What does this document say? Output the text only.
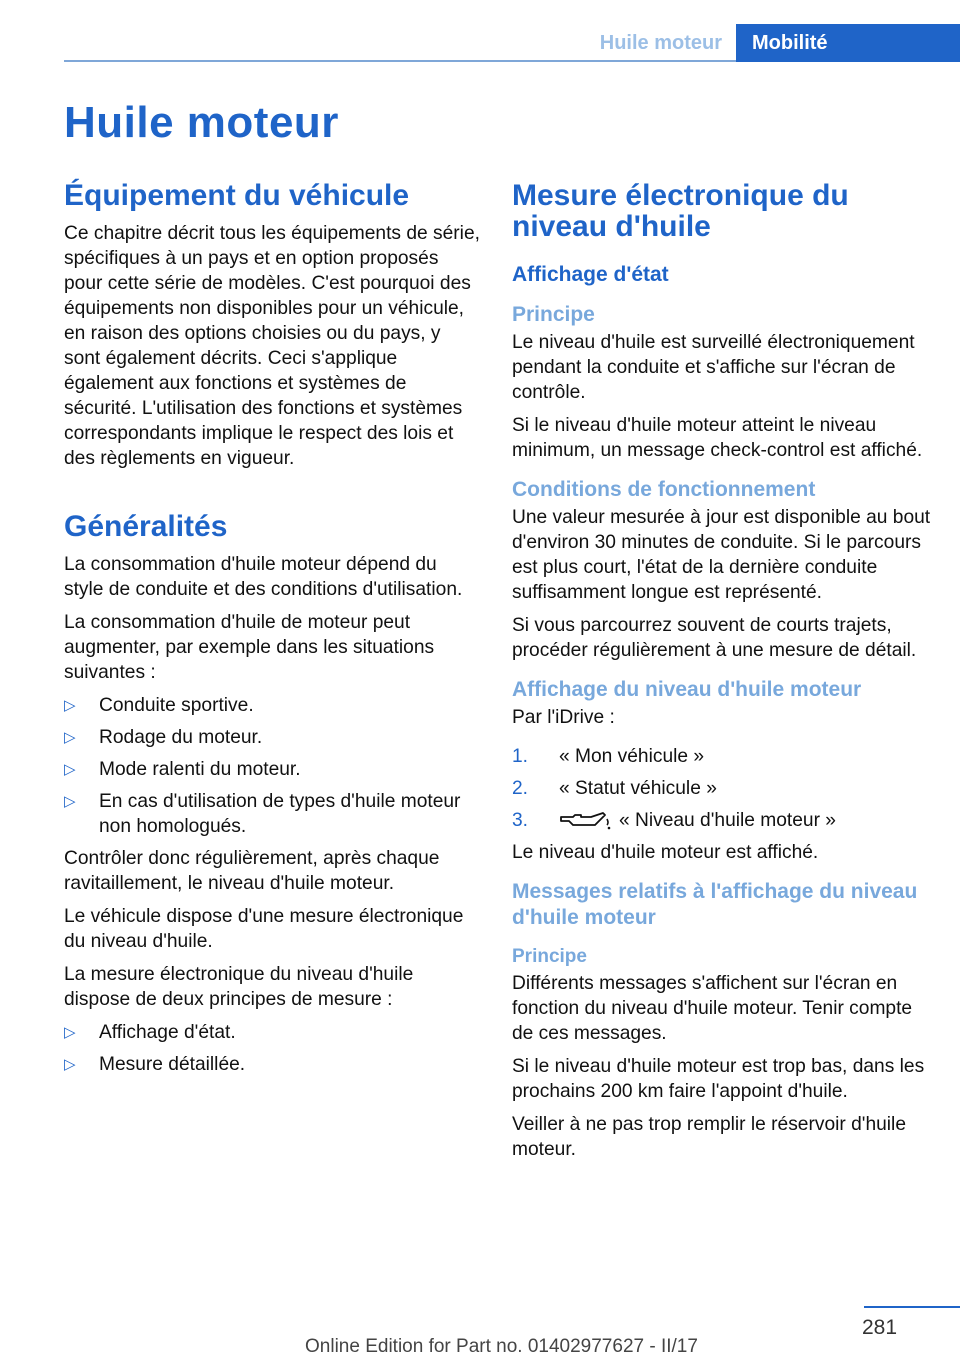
Huile moteur	Mobilité
Huile moteur
Équipement du véhicule

Ce chapitre décrit tous les équipements de série, spécifiques à un pays et en option proposés pour cette série de modèles. C'est pourquoi des équipements non disponibles pour un véhicule, en raison des options choisies ou du pays, y sont également décrits. Ceci s'applique également aux fonctions et systèmes de sécurité. L'utilisation des fonctions et systèmes correspondants implique le respect des lois et des règlements en vigueur.

Généralités

La consommation d'huile moteur dépend du style de conduite et des conditions d'utilisation.

La consommation d'huile de moteur peut augmenter, par exemple dans les situations suivantes :

▷ Conduite sportive.
▷ Rodage du moteur.
▷ Mode ralenti du moteur.
▷ En cas d'utilisation de types d'huile moteur non homologués.

Contrôler donc régulièrement, après chaque ravitaillement, le niveau d'huile moteur.

Le véhicule dispose d'une mesure électronique du niveau d'huile.

La mesure électronique du niveau d'huile dispose de deux principes de mesure :

▷ Affichage d'état.
▷ Mesure détaillée.
Mesure électronique du niveau d'huile
Affichage d'état
Principe

Le niveau d'huile est surveillé électroniquement pendant la conduite et s'affiche sur l'écran de contrôle.

Si le niveau d'huile moteur atteint le niveau minimum, un message check-control est affiché.

Conditions de fonctionnement

Une valeur mesurée à jour est disponible au bout d'environ 30 minutes de conduite. Si le parcours est plus court, l'état de la dernière conduite suffisamment longue est représenté.

Si vous parcourrez souvent de courts trajets, procéder régulièrement à une mesure de détail.

Affichage du niveau d'huile moteur

Par l'iDrive :

1. « Mon véhicule »
2. « Statut véhicule »
3.	« Niveau d'huile moteur »

Le niveau d'huile moteur est affiché.

Messages relatifs à l'affichage du niveau d'huile moteur
Principe

Différents messages s'affichent sur l'écran en fonction du niveau d'huile moteur. Tenir compte de ces messages.

Si le niveau d'huile moteur est trop bas, dans les prochains 200 km faire l'appoint d'huile.

Veiller à ne pas trop remplir le réservoir d'huile moteur.

281
Online Edition for Part no. 01402977627 - II/17
